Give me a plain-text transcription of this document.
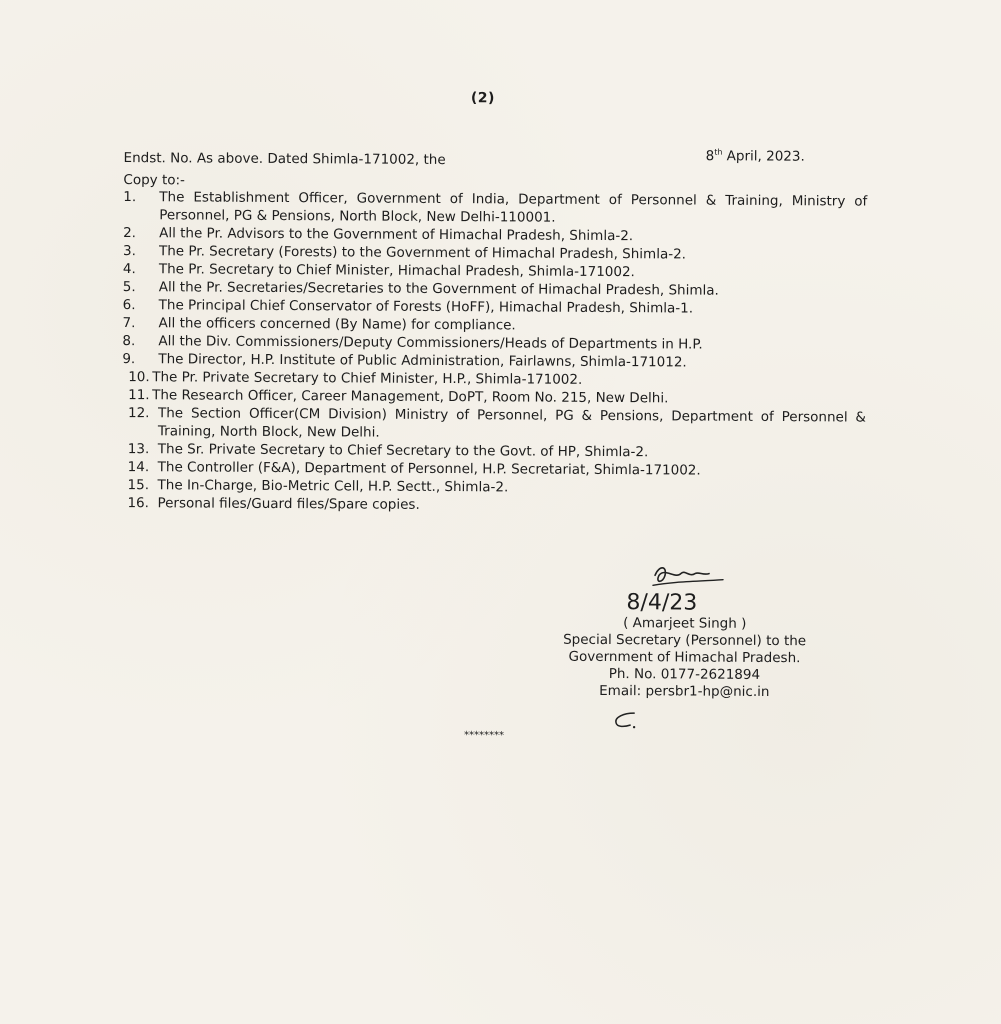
(2)
Endst. No. As above. Dated Shimla-171002, the	8th April, 2023.
Copy to:-
1.	The Establishment Officer, Government of India, Department of Personnel & Training, Ministry of Personnel, PG & Pensions, North Block, New Delhi-110001.
2.	All the Pr. Advisors to the Government of Himachal Pradesh, Shimla-2.
3.	The Pr. Secretary (Forests) to the Government of Himachal Pradesh, Shimla-2.
4.	The Pr. Secretary to Chief Minister, Himachal Pradesh, Shimla-171002.
5.	All the Pr. Secretaries/Secretaries to the Government of Himachal Pradesh, Shimla.
6.	The Principal Chief Conservator of Forests (HoFF), Himachal Pradesh, Shimla-1.
7.	All the officers concerned (By Name) for compliance.
8.	All the Div. Commissioners/Deputy Commissioners/Heads of Departments in H.P.
9.	The Director, H.P. Institute of Public Administration, Fairlawns, Shimla-171012.
10. The Pr. Private Secretary to Chief Minister, H.P., Shimla-171002.
11. The Research Officer, Career Management, DoPT, Room No. 215, New Delhi.
12. The Section Officer(CM Division) Ministry of Personnel, PG & Pensions, Department of Personnel & Training, North Block, New Delhi.
13. The Sr. Private Secretary to Chief Secretary to the Govt. of HP, Shimla-2.
14. The Controller (F&A), Department of Personnel, H.P. Secretariat, Shimla-171002.
15. The In-Charge, Bio-Metric Cell, H.P. Sectt., Shimla-2.
16. Personal files/Guard files/Spare copies.
8/4/23
( Amarjeet Singh )
Special Secretary (Personnel) to the
Government of Himachal Pradesh.
Ph. No. 0177-2621894
Email: persbr1-hp@nic.in
********
